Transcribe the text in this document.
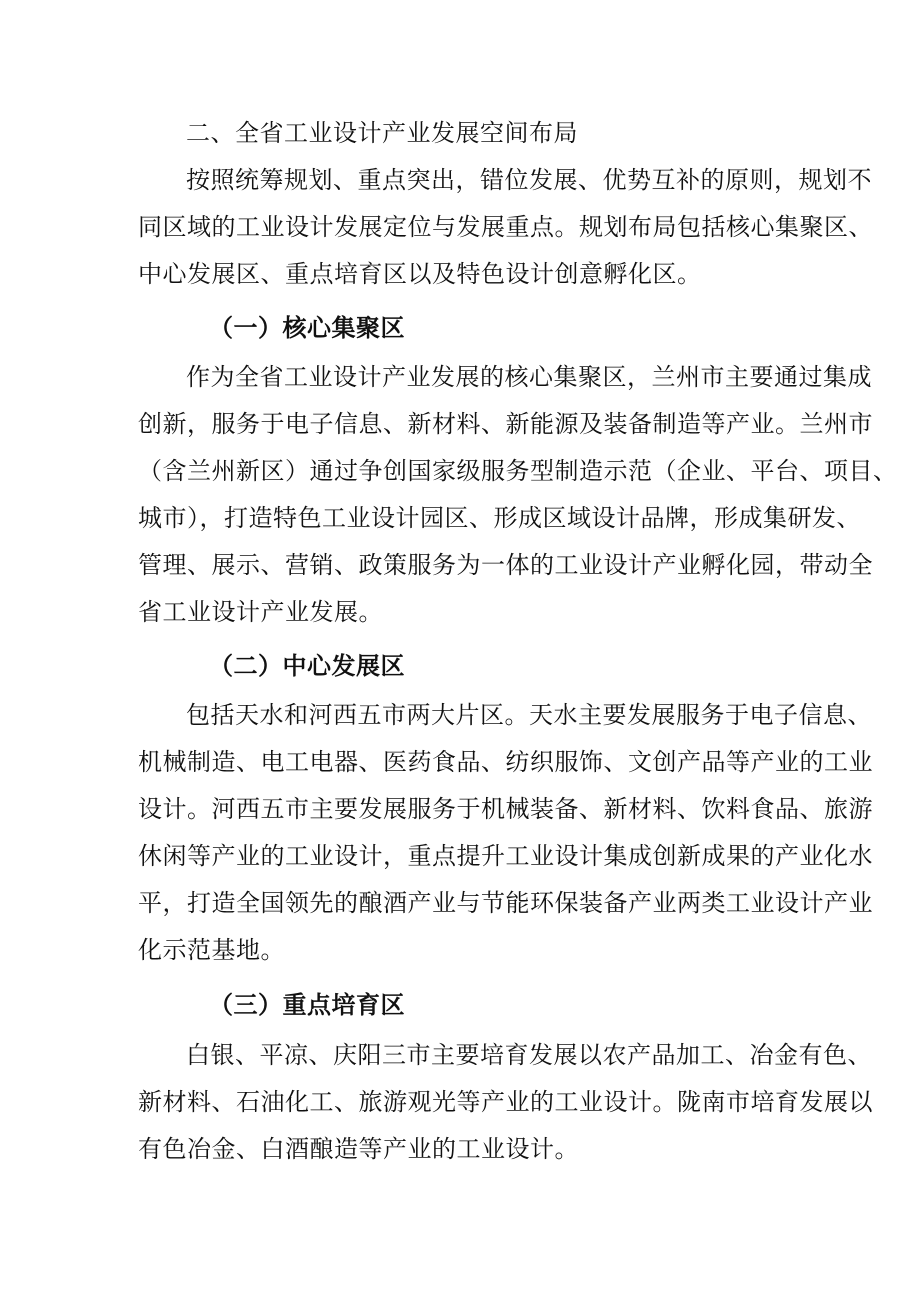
二、全省工业设计产业发展空间布局
按照统筹规划、重点突出，错位发展、优势互补的原则，规划不
同区域的工业设计发展定位与发展重点。规划布局包括核心集聚区、
中心发展区、重点培育区以及特色设计创意孵化区。
（一）核心集聚区
作为全省工业设计产业发展的核心集聚区，兰州市主要通过集成
创新，服务于电子信息、新材料、新能源及装备制造等产业。兰州市
（含兰州新区）通过争创国家级服务型制造示范（企业、平台、项目、
城市），打造特色工业设计园区、形成区域设计品牌，形成集研发、
管理、展示、营销、政策服务为一体的工业设计产业孵化园，带动全
省工业设计产业发展。
（二）中心发展区
包括天水和河西五市两大片区。天水主要发展服务于电子信息、
机械制造、电工电器、医药食品、纺织服饰、文创产品等产业的工业
设计。河西五市主要发展服务于机械装备、新材料、饮料食品、旅游
休闲等产业的工业设计，重点提升工业设计集成创新成果的产业化水
平，打造全国领先的酿酒产业与节能环保装备产业两类工业设计产业
化示范基地。
（三）重点培育区
白银、平凉、庆阳三市主要培育发展以农产品加工、冶金有色、
新材料、石油化工、旅游观光等产业的工业设计。陇南市培育发展以
有色冶金、白酒酿造等产业的工业设计。
